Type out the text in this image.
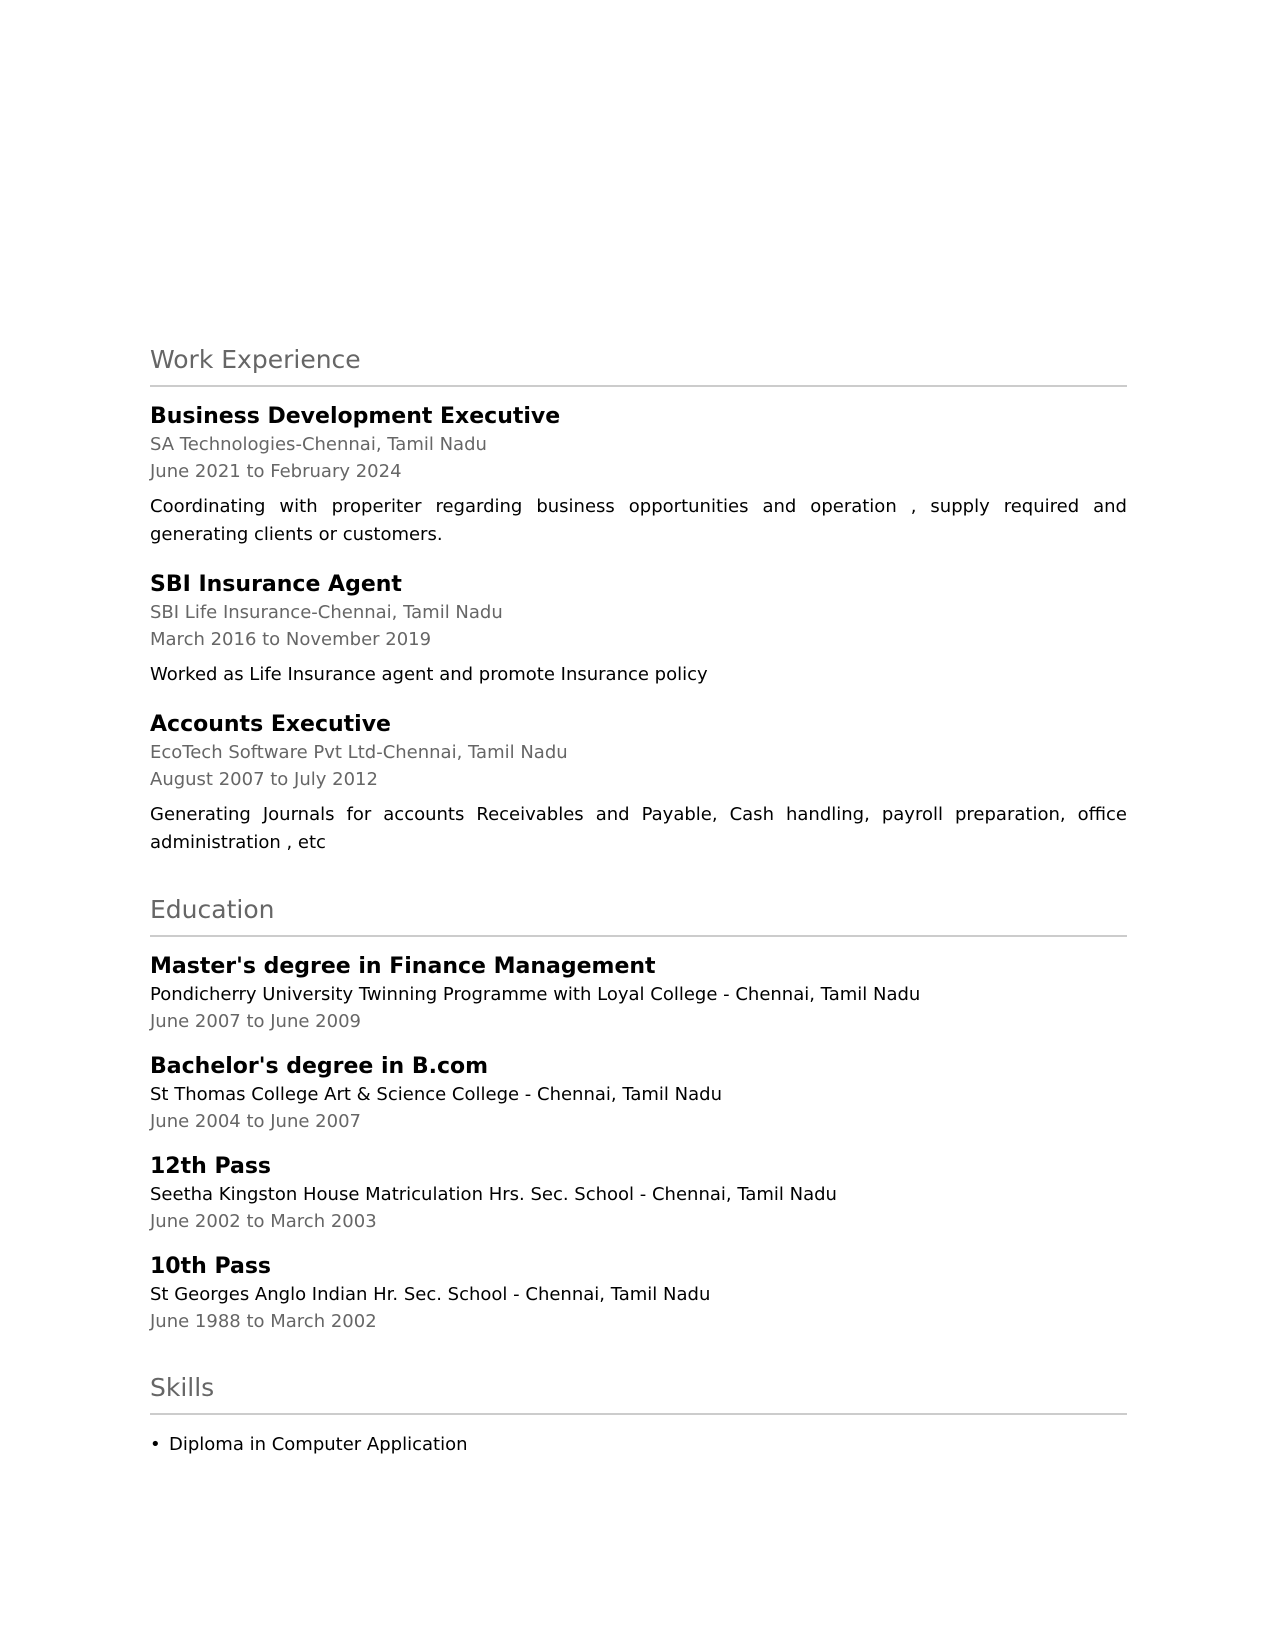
Work Experience
Business Development Executive
SA Technologies-Chennai, Tamil Nadu
June 2021 to February 2024
Coordinating with properiter regarding business opportunities and operation , supply required and generating clients or customers.
SBI Insurance Agent
SBI Life Insurance-Chennai, Tamil Nadu
March 2016 to November 2019
Worked as Life Insurance agent and promote Insurance policy
Accounts Executive
EcoTech Software Pvt Ltd-Chennai, Tamil Nadu
August 2007 to July 2012
Generating Journals for accounts Receivables and Payable, Cash handling, payroll preparation, office administration , etc
Education
Master's degree in Finance Management
Pondicherry University Twinning Programme with Loyal College - Chennai, Tamil Nadu
June 2007 to June 2009
Bachelor's degree in B.com
St Thomas College Art & Science College - Chennai, Tamil Nadu
June 2004 to June 2007
12th Pass
Seetha Kingston House Matriculation Hrs. Sec. School - Chennai, Tamil Nadu
June 2002 to March 2003
10th Pass
St Georges Anglo Indian Hr. Sec. School - Chennai, Tamil Nadu
June 1988 to March 2002
Skills
• Diploma in Computer Application
